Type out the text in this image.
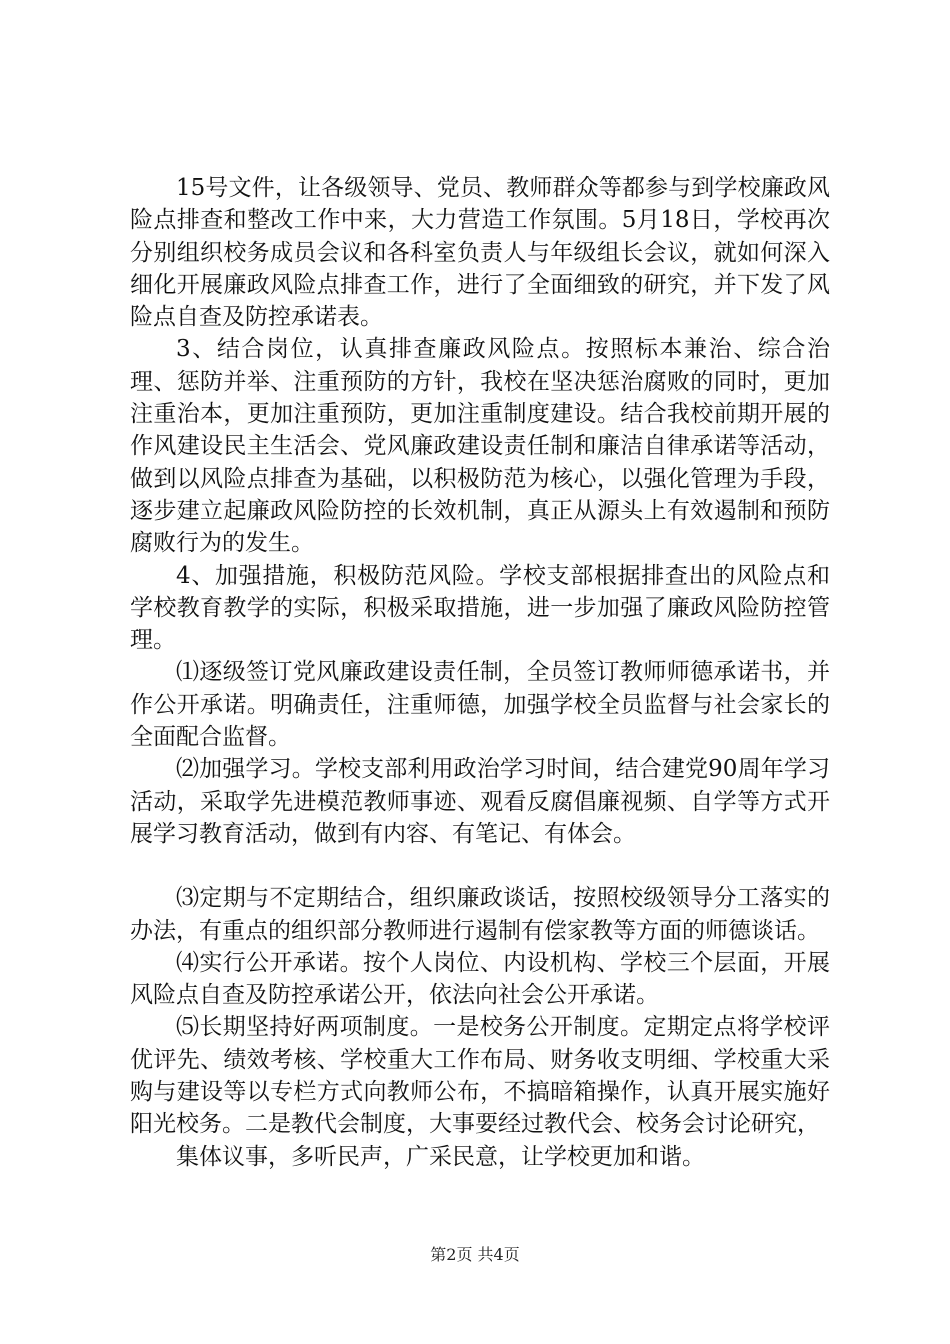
15号文件，让各级领导、党员、教师群众等都参与到学校廉政风险点排查和整改工作中来，大力营造工作氛围。5月18日，学校再次分别组织校务成员会议和各科室负责人与年级组长会议，就如何深入细化开展廉政风险点排查工作，进行了全面细致的研究，并下发了风险点自查及防控承诺表。

3、结合岗位，认真排查廉政风险点。按照标本兼治、综合治理、惩防并举、注重预防的方针，我校在坚决惩治腐败的同时，更加注重治本，更加注重预防，更加注重制度建设。结合我校前期开展的作风建设民主生活会、党风廉政建设责任制和廉洁自律承诺等活动，做到以风险点排查为基础，以积极防范为核心，以强化管理为手段，逐步建立起廉政风险防控的长效机制，真正从源头上有效遏制和预防腐败行为的发生。

4、加强措施，积极防范风险。学校支部根据排查出的风险点和学校教育教学的实际，积极采取措施，进一步加强了廉政风险防控管理。

⑴逐级签订党风廉政建设责任制，全员签订教师师德承诺书，并作公开承诺。明确责任，注重师德，加强学校全员监督与社会家长的全面配合监督。

⑵加强学习。学校支部利用政治学习时间，结合建党90周年学习活动，采取学先进模范教师事迹、观看反腐倡廉视频、自学等方式开展学习教育活动，做到有内容、有笔记、有体会。

⑶定期与不定期结合，组织廉政谈话，按照校级领导分工落实的办法，有重点的组织部分教师进行遏制有偿家教等方面的师德谈话。

⑷实行公开承诺。按个人岗位、内设机构、学校三个层面，开展风险点自查及防控承诺公开，依法向社会公开承诺。

⑸长期坚持好两项制度。一是校务公开制度。定期定点将学校评优评先、绩效考核、学校重大工作布局、财务收支明细、学校重大采购与建设等以专栏方式向教师公布，不搞暗箱操作，认真开展实施好阳光校务。二是教代会制度，大事要经过教代会、校务会讨论研究，

集体议事，多听民声，广采民意，让学校更加和谐。

第2页 共4页
